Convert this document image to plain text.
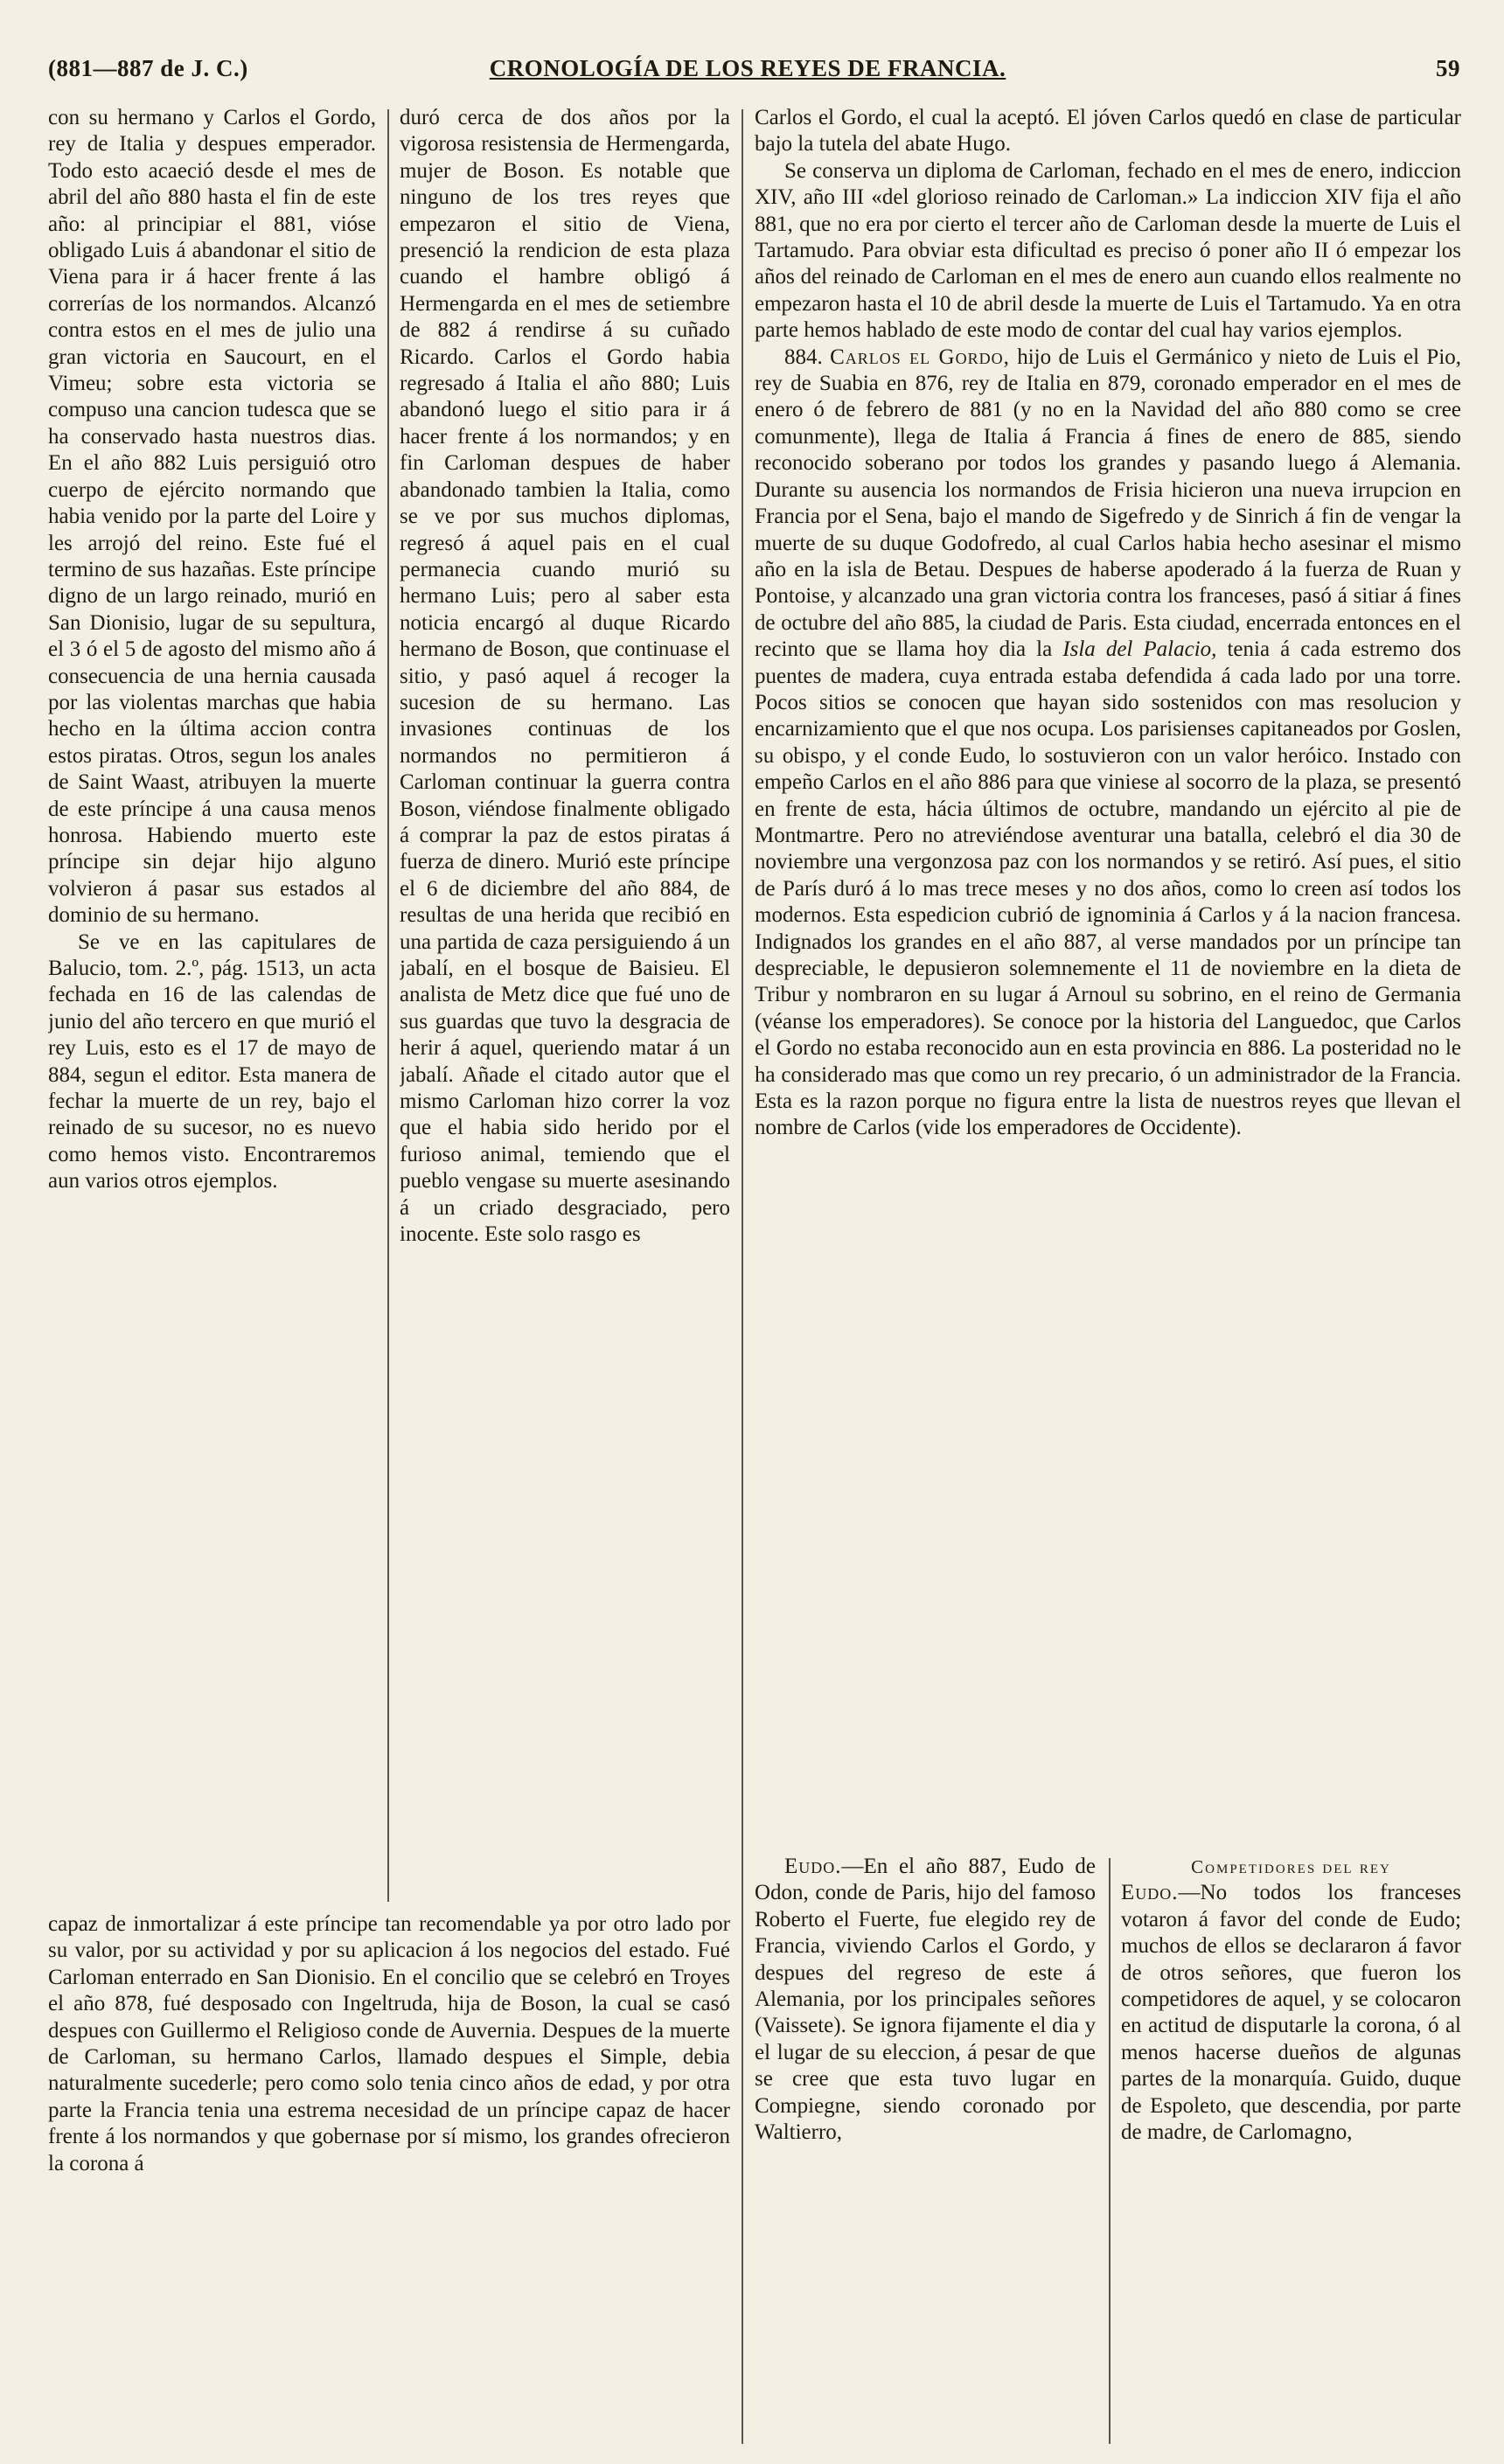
(881—887 de J. C.)	CRONOLOGÍA DE LOS REYES DE FRANCIA.	59

con su hermano y Carlos el Gordo, rey de Italia y despues emperador. Todo esto acaeció desde el mes de abril del año 880 hasta el fin de este año: al principiar el 881, vióse obligado Luis á abandonar el sitio de Viena para ir á hacer frente á las correrías de los normandos. Alcanzó contra estos en el mes de julio una gran victoria en Saucourt, en el Vimeu; sobre esta victoria se compuso una cancion tudesca que se ha conservado hasta nuestros dias. En el año 882 Luis persiguió otro cuerpo de ejército normando que habia venido por la parte del Loire y les arrojó del reino. Este fué el termino de sus hazañas. Este príncipe digno de un largo reinado, murió en San Dionisio, lugar de su sepultura, el 3 ó el 5 de agosto del mismo año á consecuencia de una hernia causada por las violentas marchas que habia hecho en la última accion contra estos piratas. Otros, segun los anales de Saint Waast, atribuyen la muerte de este príncipe á una causa menos honrosa. Habiendo muerto este príncipe sin dejar hijo alguno volvieron á pasar sus estados al dominio de su hermano.

Se ve en las capitulares de Balucio, tom. 2.º, pág. 1513, un acta fechada en 16 de las calendas de junio del año tercero en que murió el rey Luis, esto es el 17 de mayo de 884, segun el editor. Esta manera de fechar la muerte de un rey, bajo el reinado de su sucesor, no es nuevo como hemos visto. Encontraremos aun varios otros ejemplos.

duró cerca de dos años por la vigorosa resistensia de Hermengarda, mujer de Boson. Es notable que ninguno de los tres reyes que empezaron el sitio de Viena, presenció la rendicion de esta plaza cuando el hambre obligó á Hermengarda en el mes de setiembre de 882 á rendirse á su cuñado Ricardo. Carlos el Gordo habia regresado á Italia el año 880; Luis abandonó luego el sitio para ir á hacer frente á los normandos; y en fin Carloman despues de haber abandonado tambien la Italia, como se ve por sus muchos diplomas, regresó á aquel pais en el cual permanecia cuando murió su hermano Luis; pero al saber esta noticia encargó al duque Ricardo hermano de Boson, que continuase el sitio, y pasó aquel á recoger la sucesion de su hermano. Las invasiones continuas de los normandos no permitieron á Carloman continuar la guerra contra Boson, viéndose finalmente obligado á comprar la paz de estos piratas á fuerza de dinero. Murió este príncipe el 6 de diciembre del año 884, de resultas de una herida que recibió en una partida de caza persiguiendo á un jabalí, en el bosque de Baisieu. El analista de Metz dice que fué uno de sus guardas que tuvo la desgracia de herir á aquel, queriendo matar á un jabalí. Añade el citado autor que el mismo Carloman hizo correr la voz que el habia sido herido por el furioso animal, temiendo que el pueblo vengase su muerte asesinando á un criado desgraciado, pero inocente. Este solo rasgo es

Carlos el Gordo, el cual la aceptó. El jóven Carlos quedó en clase de particular bajo la tutela del abate Hugo.

Se conserva un diploma de Carloman, fechado en el mes de enero, indiccion XIV, año III «del glorioso reinado de Carloman.» La indiccion XIV fija el año 881, que no era por cierto el tercer año de Carloman desde la muerte de Luis el Tartamudo. Para obviar esta dificultad es preciso ó poner año II ó empezar los años del reinado de Carloman en el mes de enero aun cuando ellos realmente no empezaron hasta el 10 de abril desde la muerte de Luis el Tartamudo. Ya en otra parte hemos hablado de este modo de contar del cual hay varios ejemplos.

884. Carlos el Gordo, hijo de Luis el Germánico y nieto de Luis el Pio, rey de Suabia en 876, rey de Italia en 879, coronado emperador en el mes de enero ó de febrero de 881 (y no en la Navidad del año 880 como se cree comunmente), llega de Italia á Francia á fines de enero de 885, siendo reconocido soberano por todos los grandes y pasando luego á Alemania. Durante su ausencia los normandos de Frisia hicieron una nueva irrupcion en Francia por el Sena, bajo el mando de Sigefredo y de Sinrich á fin de vengar la muerte de su duque Godofredo, al cual Carlos habia hecho asesinar el mismo año en la isla de Betau. Despues de haberse apoderado á la fuerza de Ruan y Pontoise, y alcanzado una gran victoria contra los franceses, pasó á sitiar á fines de octubre del año 885, la ciudad de Paris. Esta ciudad, encerrada entonces en el recinto que se llama hoy dia la Isla del Palacio, tenia á cada estremo dos puentes de madera, cuya entrada estaba defendida á cada lado por una torre. Pocos sitios se conocen que hayan sido sostenidos con mas resolucion y encarnizamiento que el que nos ocupa. Los parisienses capitaneados por Goslen, su obispo, y el conde Eudo, lo sostuvieron con un valor heróico. Instado con empeño Carlos en el año 886 para que viniese al socorro de la plaza, se presentó en frente de esta, hácia últimos de octubre, mandando un ejército al pie de Montmartre. Pero no atreviéndose aventurar una batalla, celebró el dia 30 de noviembre una vergonzosa paz con los normandos y se retiró. Así pues, el sitio de París duró á lo mas trece meses y no dos años, como lo creen así todos los modernos. Esta espedicion cubrió de ignominia á Carlos y á la nacion francesa. Indignados los grandes en el año 887, al verse mandados por un príncipe tan despreciable, le depusieron solemnemente el 11 de noviembre en la dieta de Tribur y nombraron en su lugar á Arnoul su sobrino, en el reino de Germania (véanse los emperadores). Se conoce por la historia del Languedoc, que Carlos el Gordo no estaba reconocido aun en esta provincia en 886. La posteridad no le ha considerado mas que como un rey precario, ó un administrador de la Francia. Esta es la razon porque no figura entre la lista de nuestros reyes que llevan el nombre de Carlos (vide los emperadores de Occidente).

capaz de inmortalizar á este príncipe tan recomendable ya por otro lado por su valor, por su actividad y por su aplicacion á los negocios del estado. Fué Carloman enterrado en San Dionisio. En el concilio que se celebró en Troyes el año 878, fué desposado con Ingeltruda, hija de Boson, la cual se casó despues con Guillermo el Religioso conde de Auvernia. Despues de la muerte de Carloman, su hermano Carlos, llamado despues el Simple, debia naturalmente sucederle; pero como solo tenia cinco años de edad, y por otra parte la Francia tenia una estrema necesidad de un príncipe capaz de hacer frente á los normandos y que gobernase por sí mismo, los grandes ofrecieron la corona á

Eudo.—En el año 887, Eudo de Odon, conde de Paris, hijo del famoso Roberto el Fuerte, fue elegido rey de Francia, viviendo Carlos el Gordo, y despues del regreso de este á Alemania, por los principales señores (Vaissete). Se ignora fijamente el dia y el lugar de su eleccion, á pesar de que se cree que esta tuvo lugar en Compiegne, siendo coronado por Waltierro,

Competidores del rey

Eudo.—No todos los franceses votaron á favor del conde de Eudo; muchos de ellos se declararon á favor de otros señores, que fueron los competidores de aquel, y se colocaron en actitud de disputarle la corona, ó al menos hacerse dueños de algunas partes de la monarquía. Guido, duque de Espoleto, que descendia, por parte de madre, de Carlomagno,
